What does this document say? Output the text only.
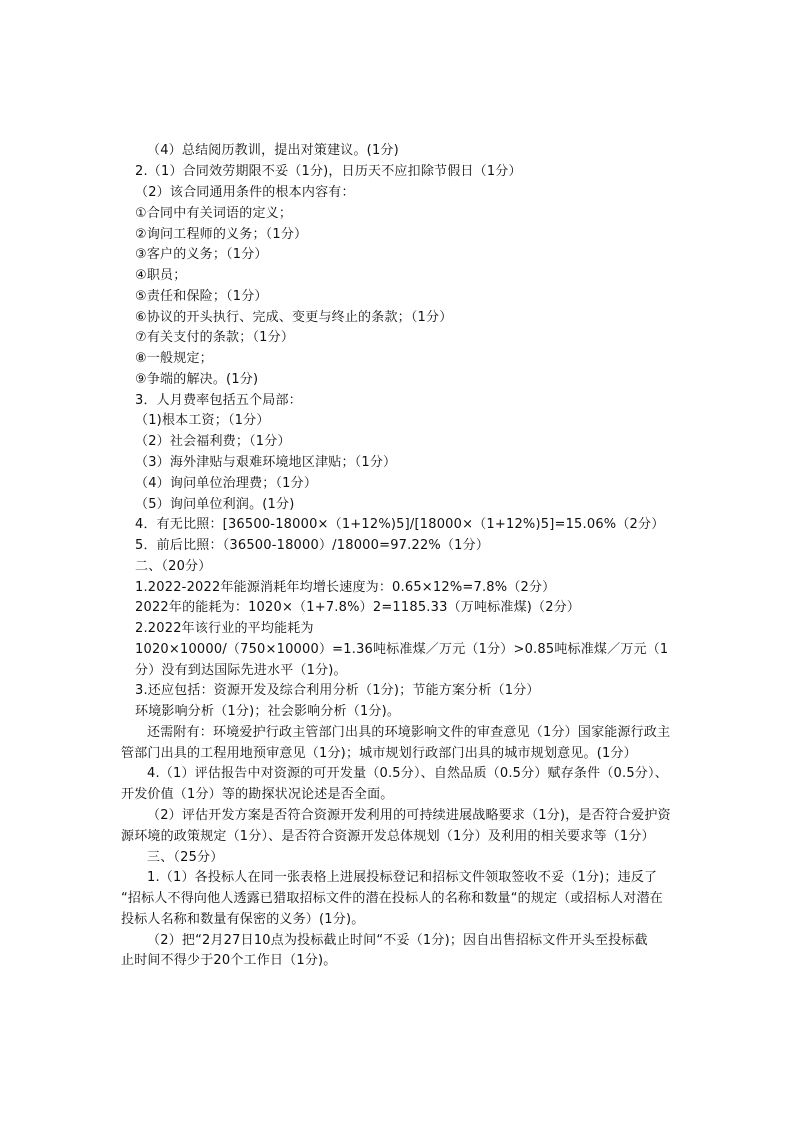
（4）总结阅历教训，提出对策建议。(1分)
2.（1）合同效劳期限不妥（1分)，日历天不应扣除节假日（1分）
（2）该合同通用条件的根本内容有：
①合同中有关词语的定义；
②询问工程师的义务；（1分）
③客户的义务；（1分）
④职员；
⑤责任和保险；（1分）
⑥协议的开头执行、完成、变更与终止的条款；（1分）
⑦有关支付的条款；（1分）
⑧一般规定；
⑨争端的解决。(1分)
3．人月费率包括五个局部：
（1)根本工资；（1分）
（2）社会福利费；（1分）
（3）海外津贴与艰难环境地区津贴；（1分）
（4）询问单位治理费；（1分）
（5）询问单位利润。(1分)
4．有无比照：[36500-18000×（1+12%)5]/[18000×（1+12%)5]=15.06%（2分）
5．前后比照：（36500-18000）/18000=97.22%（1分）
二、（20分）
1.2022-2022年能源消耗年均增长速度为：0.65×12%=7.8%（2分）
2022年的能耗为：1020×（1+7.8%）2=1185.33（万吨标准煤)（2分）
2.2022年该行业的平均能耗为
1020×10000/（750×10000）=1.36吨标准煤／万元（1分）>0.85吨标准煤／万元（1
分）没有到达国际先进水平（1分)。
3.还应包括：资源开发及综合利用分析（1分)；节能方案分析（1分）
环境影响分析（1分)；社会影响分析（1分)。
还需附有：环境爱护行政主管部门出具的环境影响文件的审查意见（1分）国家能源行政主
管部门出具的工程用地预审意见（1分)；城市规划行政部门出具的城市规划意见。(1分）
4.（1）评估报告中对资源的可开发量（0.5分）、自然品质（0.5分）赋存条件（0.5分）、
开发价值（1分）等的勘探状况论述是否全面。
（2）评估开发方案是否符合资源开发利用的可持续进展战略要求（1分)，是否符合爱护资
源环境的政策规定（1分）、是否符合资源开发总体规划（1分）及利用的相关要求等（1分）
三、（25分）
1.（1）各投标人在同一张表格上进展投标登记和招标文件领取签收不妥（1分)；违反了
“招标人不得向他人透露已猎取招标文件的潜在投标人的名称和数量“的规定（或招标人对潜在
投标人名称和数量有保密的义务）(1分)。
（2）把“2月27日10点为投标截止时间“不妥（1分)；因自出售招标文件开头至投标截
止时间不得少于20个工作日（1分)。
